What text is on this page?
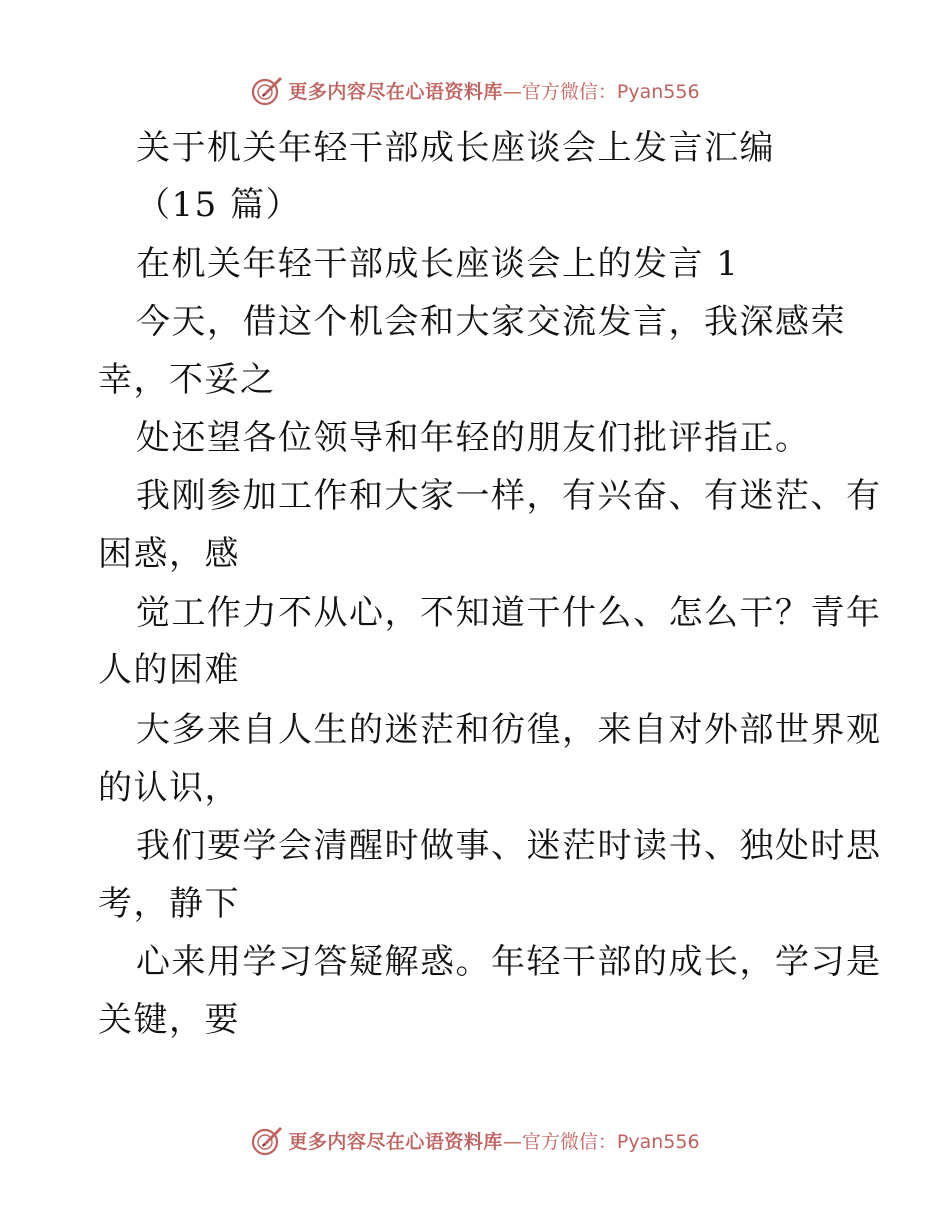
更多内容尽在心语资料库 —官方微信：Pyan556
关于机关年轻干部成长座谈会上发言汇编
（15 篇）
在机关年轻干部成长座谈会上的发言 1
今天，借这个机会和大家交流发言，我深感荣
幸，不妥之
处还望各位领导和年轻的朋友们批评指正。
我刚参加工作和大家一样，有兴奋、有迷茫、有
困惑，感
觉工作力不从心，不知道干什么、怎么干？青年
人的困难
大多来自人生的迷茫和彷徨，来自对外部世界观
的认识，
我们要学会清醒时做事、迷茫时读书、独处时思
考，静下
心来用学习答疑解惑。年轻干部的成长，学习是
关键，要
更多内容尽在心语资料库 —官方微信：Pyan556
